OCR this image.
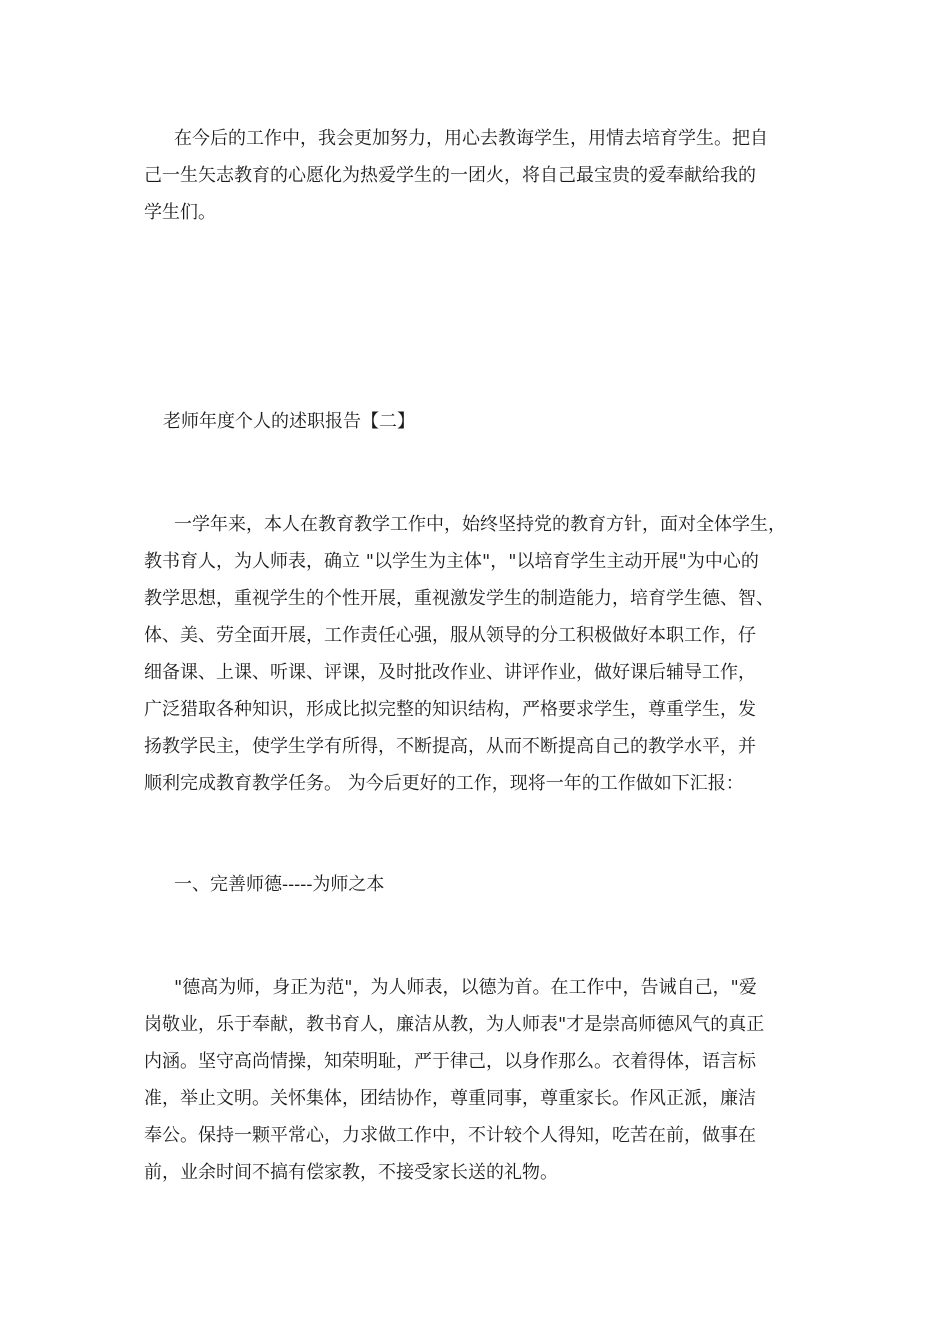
在今后的工作中，我会更加努力，用心去教诲学生，用情去培育学生。把自
己一生矢志教育的心愿化为热爱学生的一团火，将自己最宝贵的爱奉献给我的
学生们。
老师年度个人的述职报告【二】
一学年来，本人在教育教学工作中，始终坚持党的教育方针，面对全体学生，
教书育人，为人师表，确立 "以学生为主体"，"以培育学生主动开展"为中心的
教学思想，重视学生的个性开展，重视激发学生的制造能力，培育学生德、智、
体、美、劳全面开展，工作责任心强，服从领导的分工积极做好本职工作，仔
细备课、上课、听课、评课，及时批改作业、讲评作业，做好课后辅导工作，
广泛猎取各种知识，形成比拟完整的知识结构，严格要求学生，尊重学生，发
扬教学民主，使学生学有所得，不断提高，从而不断提高自己的教学水平，并
顺利完成教育教学任务。 为今后更好的工作，现将一年的工作做如下汇报：
一、完善师德-----为师之本
"德高为师，身正为范"，为人师表，以德为首。在工作中，告诫自己，"爱
岗敬业，乐于奉献，教书育人，廉洁从教，为人师表"才是崇高师德风气的真正
内涵。坚守高尚情操，知荣明耻，严于律己，以身作那么。衣着得体，语言标
准，举止文明。关怀集体，团结协作，尊重同事，尊重家长。作风正派，廉洁
奉公。保持一颗平常心，力求做工作中，不计较个人得知，吃苦在前，做事在
前，业余时间不搞有偿家教，不接受家长送的礼物。
